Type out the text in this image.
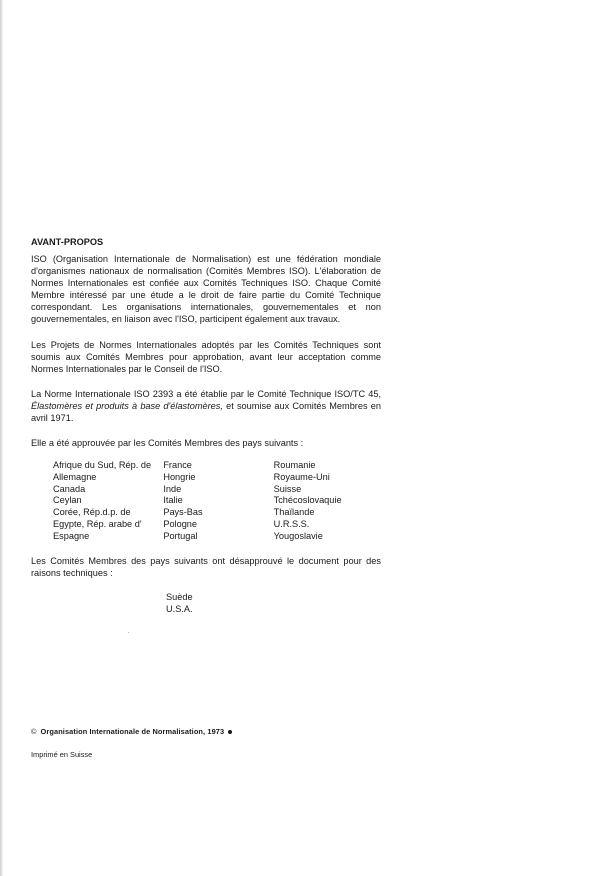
AVANT-PROPOS

ISO (Organisation Internationale de Normalisation) est une fédération mondiale d'organismes nationaux de normalisation (Comités Membres ISO). L'élaboration de Normes Internationales est confiée aux Comités Techniques ISO. Chaque Comité Membre intéressé par une étude a le droit de faire partie du Comité Technique correspondant. Les organisations internationales, gouvernementales et non gouvernementales, en liaison avec l'ISO, participent également aux travaux.

Les Projets de Normes Internationales adoptés par les Comités Techniques sont soumis aux Comités Membres pour approbation, avant leur acceptation comme Normes Internationales par le Conseil de l'ISO.

La Norme Internationale ISO 2393 a été établie par le Comité Technique ISO/TC 45, Élastomères et produits à base d'élastomères, et soumise aux Comités Membres en avril 1971.

Elle a été approuvée par les Comités Membres des pays suivants :

Afrique du Sud, Rép. de
Allemagne
Canada
Ceylan
Corée, Rép.d.p. de
Egypte, Rép. arabe d'
Espagne
France
Hongrie
Inde
Italie
Pays-Bas
Pologne
Portugal
Roumanie
Royaume-Uni
Suisse
Tchécoslovaquie
Thaïlande
U.R.S.S.
Yougoslavie

Les Comités Membres des pays suivants ont désapprouvé le document pour des raisons techniques :

Suède
U.S.A.
© Organisation Internationale de Normalisation, 1973
Imprimé en Suisse
